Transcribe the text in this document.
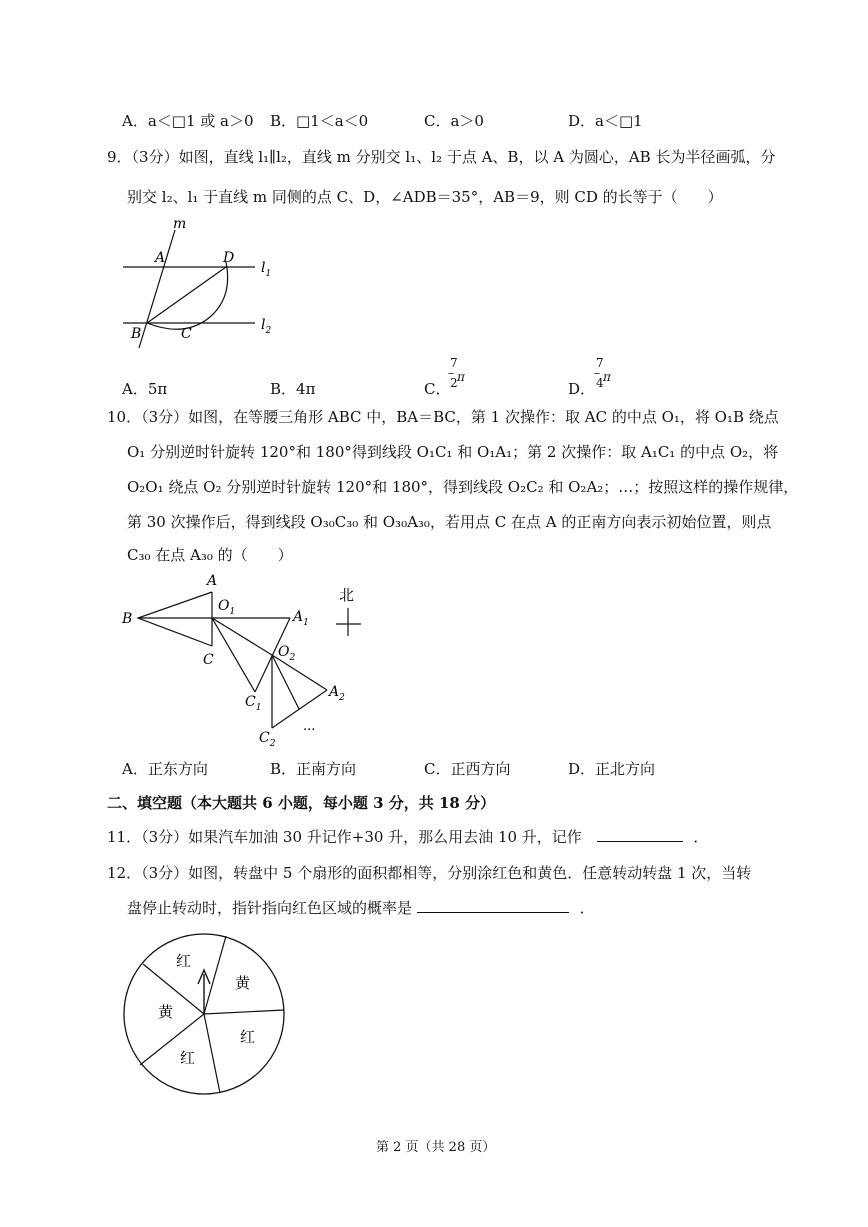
A．a＜□1 或 a＞0 B．□1＜a＜0	C．a＞0	D．a＜□1
9．（3分）如图，直线 l₁∥l₂，直线 m 分别交 l₁、l₂ 于点 A、B，以 A 为圆心，AB 长为半径画弧，分
别交 l₂、l₁ 于直线 m 同侧的点 C、D，∠ADB＝35°，AB＝9，则 CD 的长等于（　　）
m
A	D
B	C
$l_1$
$l_2$
A．5π	B．4π	C．
7
– π
2	D．
7
– π
4
10．（3分）如图，在等腰三角形 ABC 中，BA＝BC，第 1 次操作：取 AC 的中点 O₁，将 O₁B 绕点
O₁ 分别逆时针旋转 120°和 180°得到线段 O₁C₁ 和 O₁A₁；第 2 次操作：取 A₁C₁ 的中点 O₂，将
O₂O₁ 绕点 O₂ 分别逆时针旋转 120°和 180°，得到线段 O₂C₂ 和 O₂A₂；…；按照这样的操作规律，
第 30 次操作后，得到线段 O₃₀C₃₀ 和 O₃₀A₃₀，若用点 C 在点 A 的正南方向表示初始位置，则点
C₃₀ 在点 A₃₀ 的（　　）
A
B
C
$O_1$	$A_1$
$O_2$
$C_1$
$A_2$
$C_2$
...
北
A．正东方向	B．正南方向	C．正西方向	D．正北方向
二、填空题（本大题共 6 小题，每小题 3 分，共 18 分）
11．（3分）如果汽车加油 30 升记作+30 升，那么用去油 10 升，记作	．
12．（3分）如图，转盘中 5 个扇形的面积都相等，分别涂红色和黄色．任意转动转盘 1 次，当转
盘停止转动时，指针指向红色区域的概率是	．
红
黄
红
红
黄
第 2 页（共 28 页）
